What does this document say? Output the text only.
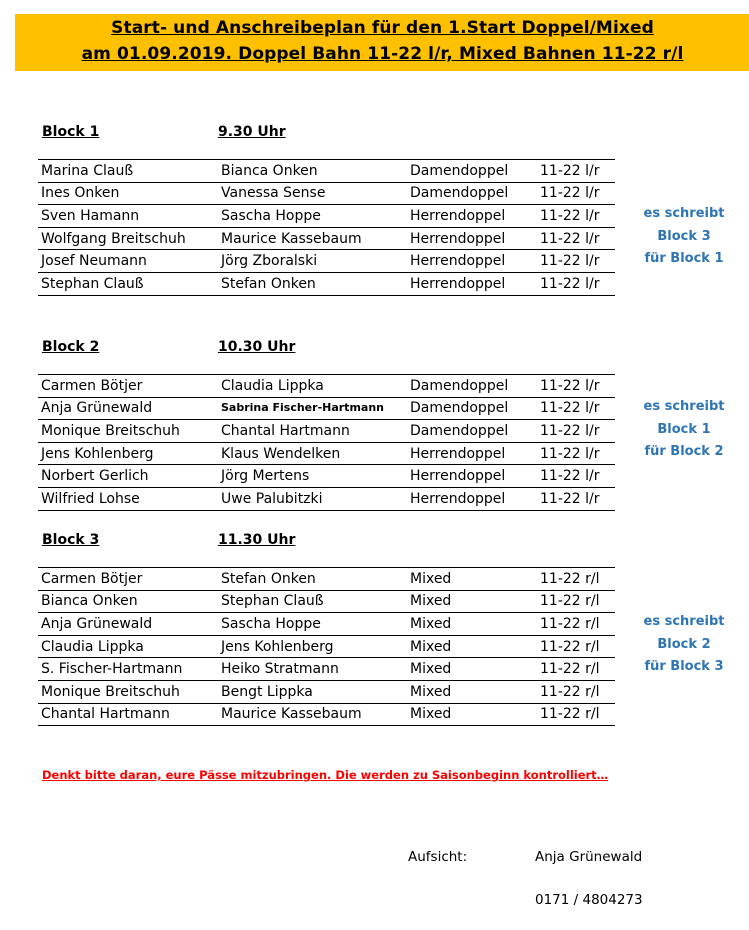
Start- und Anschreibeplan für den 1.Start Doppel/Mixed
am 01.09.2019. Doppel Bahn 11-22 l/r, Mixed Bahnen 11-22 r/l
Block 1	9.30 Uhr
Marina Clauß	Bianca Onken	Damendoppel	11-22 l/r
Ines Onken	Vanessa Sense	Damendoppel	11-22 l/r
Sven Hamann	Sascha Hoppe	Herrendoppel	11-22 l/r
Wolfgang Breitschuh	Maurice Kassebaum	Herrendoppel	11-22 l/r
Josef Neumann	Jörg Zboralski	Herrendoppel	11-22 l/r
Stephan Clauß	Stefan Onken	Herrendoppel	11-22 l/r
es schreibt
Block 3
für Block 1
Block 2	10.30 Uhr
Carmen Bötjer	Claudia Lippka	Damendoppel	11-22 l/r
Anja Grünewald	Sabrina Fischer-Hartmann	Damendoppel	11-22 l/r
Monique Breitschuh	Chantal Hartmann	Damendoppel	11-22 l/r
Jens Kohlenberg	Klaus Wendelken	Herrendoppel	11-22 l/r
Norbert Gerlich	Jörg Mertens	Herrendoppel	11-22 l/r
Wilfried Lohse	Uwe Palubitzki	Herrendoppel	11-22 l/r
es schreibt
Block 1
für Block 2
Block 3	11.30 Uhr
Carmen Bötjer	Stefan Onken	Mixed	11-22 r/l
Bianca Onken	Stephan Clauß	Mixed	11-22 r/l
Anja Grünewald	Sascha Hoppe	Mixed	11-22 r/l
Claudia Lippka	Jens Kohlenberg	Mixed	11-22 r/l
S. Fischer-Hartmann	Heiko Stratmann	Mixed	11-22 r/l
Monique Breitschuh	Bengt Lippka	Mixed	11-22 r/l
Chantal Hartmann	Maurice Kassebaum	Mixed	11-22 r/l
es schreibt
Block 2
für Block 3
Denkt bitte daran, eure Pässe mitzubringen. Die werden zu Saisonbeginn kontrolliert…
Aufsicht:	Anja Grünewald
0171 / 4804273
